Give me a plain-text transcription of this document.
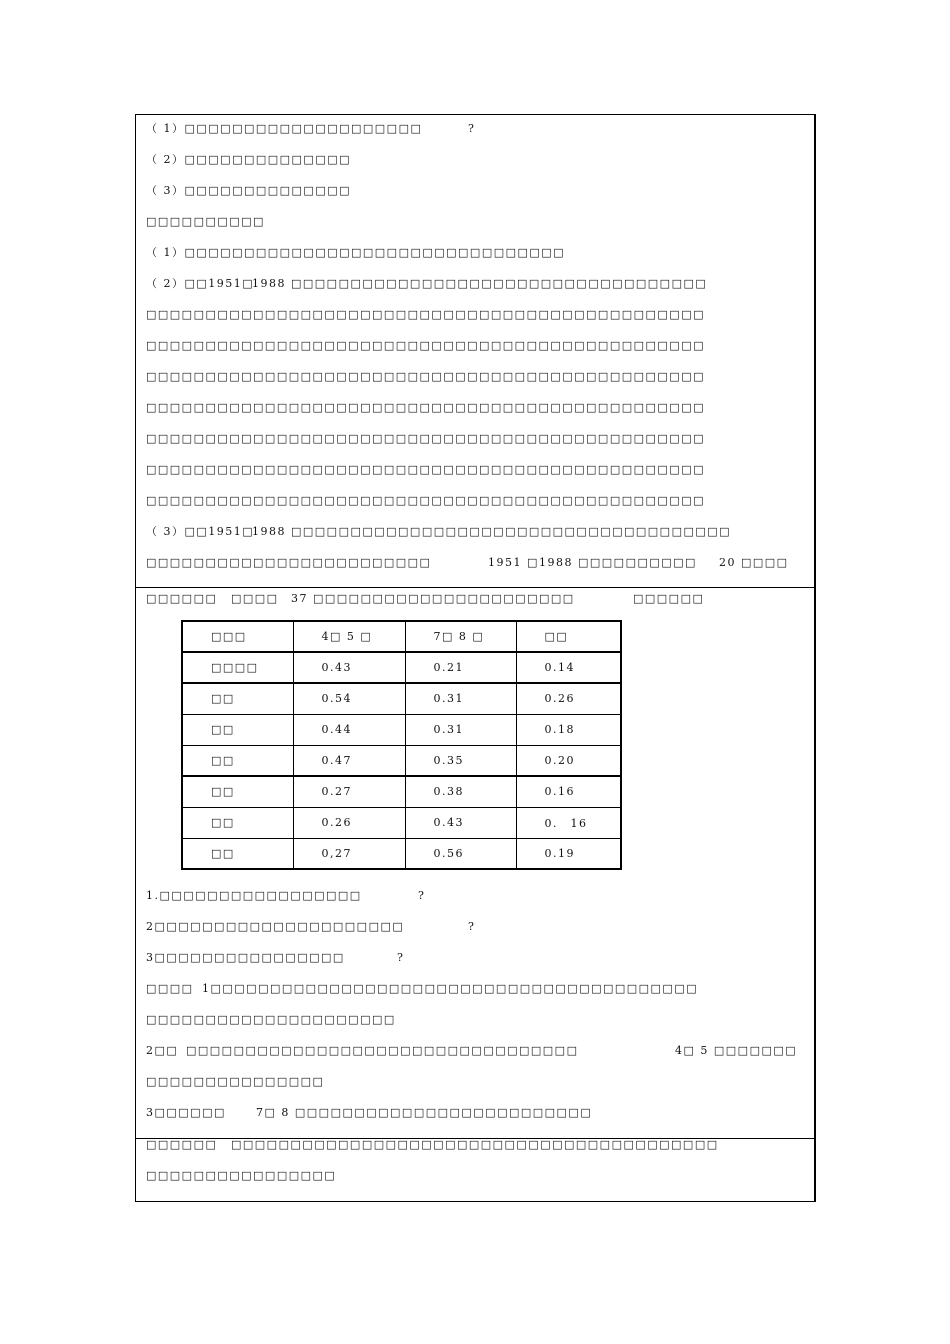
（ 1）□□□□□□□□□□□□□□□□□□□□	?
（ 2）□□□□□□□□□□□□□□
（ 3）□□□□□□□□□□□□□□
□□□□□□□□□□
（ 1）□□□□□□□□□□□□□□□□□□□□□□□□□□□□□□□□
（ 2）□□1951□
1988 □□□□□□□□□□□□□□□□□□□□□□□□□□□□□□□□□□□
□□□□□□□□□□□□□□□□□□□□□□□□□□□□□□□□□□□□□□□□□□□□□□□
□□□□□□□□□□□□□□□□□□□□□□□□□□□□□□□□□□□□□□□□□□□□□□□
□□□□□□□□□□□□□□□□□□□□□□□□□□□□□□□□□□□□□□□□□□□□□□□
□□□□□□□□□□□□□□□□□□□□□□□□□□□□□□□□□□□□□□□□□□□□□□□
□□□□□□□□□□□□□□□□□□□□□□□□□□□□□□□□□□□□□□□□□□□□□□□
□□□□□□□□□□□□□□□□□□□□□□□□□□□□□□□□□□□□□□□□□□□□□□□
□□□□□□□□□□□□□□□□□□□□□□□□□□□□□□□□□□□□□□□□□□□□□□□
（ 3）□□1951□
1988 □□□□□□□□□□□□□□□□□□□□□□□□□□□□□□□□□□□□□
□□□□□□□□□□□□□□□□□□□□□□□□	1951 □ 1988 □□□□□□□□□□ 20 □□□□
□□□□□□ □□□□ 37 □□□□□□□□□□□□□□□□□□□□□□	□□□□□□
1.□□□□□□□□□□□□□□□□□	?
2□□□□□□□□□□□□□□□□□□□□□	?
3□□□□□□□□□□□□□□□□	?
□□□□ 1□□□□□□□□□□□□□□□□□□□□□□□□□□□□□□□□□□□□□□□□□
□□□□□□□□□□□□□□□□□□□□□
2□□ □□□□□□□□□□□□□□□□□□□□□□□□□□□□□□□□□	4□ 5 □□□□□□□
□□□□□□□□□□□□□□□
3□□□□□□	7□ 8 □□□□□□□□□□□□□□□□□□□□□□□□□
□□□	4□ 5 □	7□ 8 □	□□
□□□□	0.43	0.21	0.14
□□	0.54	0.31	0.26
□□	0.44	0.31	0.18
□□	0.47	0.35	0.20
□□	0.27	0.38	0.16
□□	0.26	0.43	0.　16
□□	0,27	0.56	0.19
□□□□□□ □□□□□□□□□□□□□□□□□□□□□□□□□□□□□□□□□□□□□□□□□
□□□□□□□□□□□□□□□□
